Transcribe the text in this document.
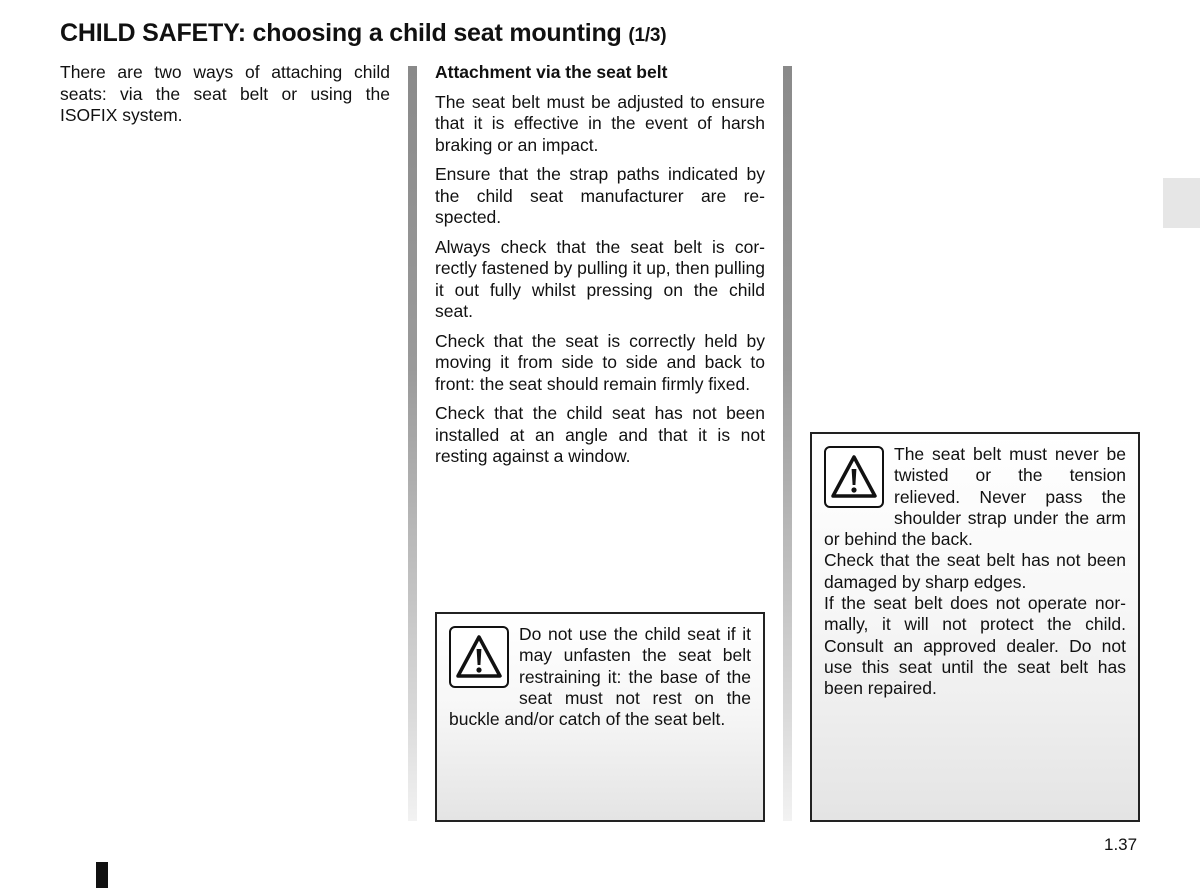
CHILD SAFETY: choosing a child seat mounting (1/3)
There are two ways of attaching child seats: via the seat belt or using the ISOFIX system.
Attachment via the seat belt

The seat belt must be adjusted to ensure that it is effective in the event of harsh braking or an impact.

Ensure that the strap paths indicated by the child seat manufacturer are re-spected.

Always check that the seat belt is cor-rectly fastened by pulling it up, then pulling it out fully whilst pressing on the child seat.

Check that the seat is correctly held by moving it from side to side and back to front: the seat should remain firmly fixed.

Check that the child seat has not been installed at an angle and that it is not resting against a window.

Do not use the child seat if it may unfasten the seat belt restraining it: the base of the seat must not rest on the buckle and/or catch of the seat belt.

The seat belt must never be twisted or the tension relieved. Never pass the shoulder strap under the arm or behind the back.

Check that the seat belt has not been damaged by sharp edges.

If the seat belt does not operate nor-mally, it will not protect the child. Consult an approved dealer. Do not use this seat until the seat belt has been repaired.

1.37
